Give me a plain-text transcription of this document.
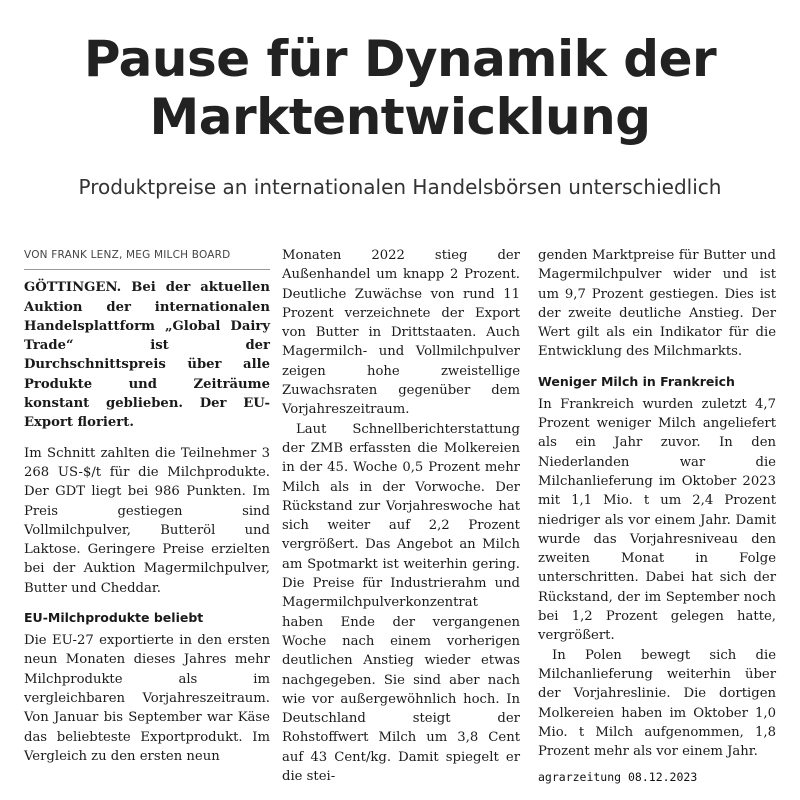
Pause für Dynamik der
Marktentwicklung
Produktpreise an internationalen Handelsbörsen unterschiedlich
VON FRANK LENZ, MEG MILCH BOARD

GÖTTINGEN. Bei der aktuellen Auktion der internationalen Handelsplattform „Global Dairy Trade“ ist der Durchschnittspreis über alle Produkte und Zeiträume konstant geblieben. Der EU-Export floriert.

Im Schnitt zahlten die Teilnehmer 3 268 US-$/t für die Milchprodukte. Der GDT liegt bei 986 Punkten. Im Preis gestiegen sind Vollmilchpulver, Butteröl und Laktose. Geringere Preise erzielten bei der Auktion Magermilchpulver, Butter und Cheddar.

EU-Milchprodukte beliebt

Die EU-27 exportierte in den ersten neun Monaten dieses Jahres mehr Milchprodukte als im vergleichbaren Vorjahreszeitraum. Von Januar bis September war Käse das beliebteste Exportprodukt. Im Vergleich zu den ersten neun

Monaten 2022 stieg der Außenhandel um knapp 2 Prozent. Deutliche Zuwächse von rund 11 Prozent verzeichnete der Export von Butter in Drittstaaten. Auch Magermilch- und Vollmilchpulver zeigen hohe zweistellige Zuwachsraten gegenüber dem Vorjahreszeitraum.

Laut Schnellberichterstattung der ZMB erfassten die Molkereien in der 45. Woche 0,5 Prozent mehr Milch als in der Vorwoche. Der Rückstand zur Vorjahreswoche hat sich weiter auf 2,2 Prozent vergrößert. Das Angebot an Milch am Spotmarkt ist weiterhin gering. Die Preise für Industrierahm und Magermilchpulverkonzentrat haben Ende der vergangenen Woche nach einem vorherigen deutlichen Anstieg wieder etwas nachgegeben. Sie sind aber nach wie vor außergewöhnlich hoch. In Deutschland steigt der Rohstoffwert Milch um 3,8 Cent auf 43 Cent/kg. Damit spiegelt er die stei-

genden Marktpreise für Butter und Magermilchpulver wider und ist um 9,7 Prozent gestiegen. Dies ist der zweite deutliche Anstieg. Der Wert gilt als ein Indikator für die Entwicklung des Milchmarkts.

Weniger Milch in Frankreich

In Frankreich wurden zuletzt 4,7 Prozent weniger Milch angeliefert als ein Jahr zuvor. In den Niederlanden war die Milchanlieferung im Oktober 2023 mit 1,1 Mio. t um 2,4 Prozent niedriger als vor einem Jahr. Damit wurde das Vorjahresniveau den zweiten Monat in Folge unterschritten. Dabei hat sich der Rückstand, der im September noch bei 1,2 Prozent gelegen hatte, vergrößert.

In Polen bewegt sich die Milchanlieferung weiterhin über der Vorjahreslinie. Die dortigen Molkereien haben im Oktober 1,0 Mio. t Milch aufgenommen, 1,8 Prozent mehr als vor einem Jahr.

agrarzeitung 08.12.2023
